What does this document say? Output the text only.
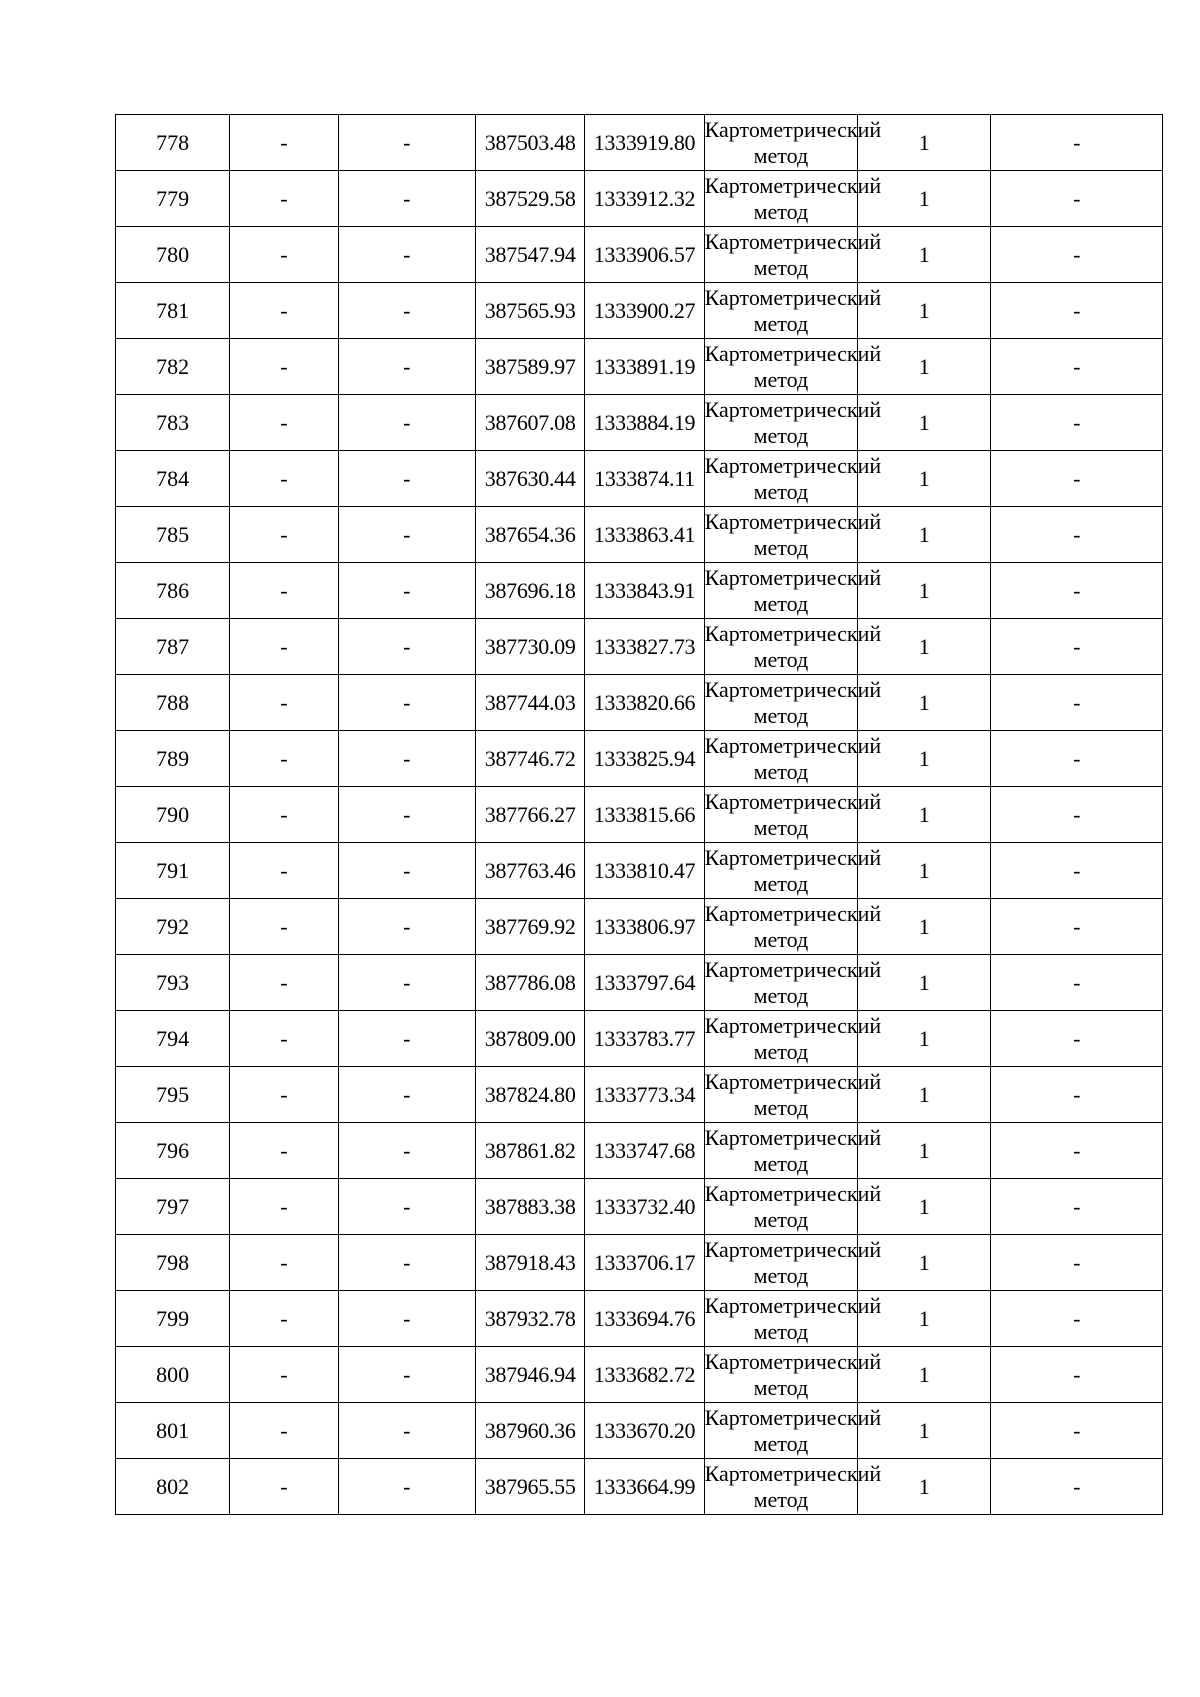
778	-	-	387503.48	1333919.80	Картометрический метод	1	-
779	-	-	387529.58	1333912.32	Картометрический метод	1	-
780	-	-	387547.94	1333906.57	Картометрический метод	1	-
781	-	-	387565.93	1333900.27	Картометрический метод	1	-
782	-	-	387589.97	1333891.19	Картометрический метод	1	-
783	-	-	387607.08	1333884.19	Картометрический метод	1	-
784	-	-	387630.44	1333874.11	Картометрический метод	1	-
785	-	-	387654.36	1333863.41	Картометрический метод	1	-
786	-	-	387696.18	1333843.91	Картометрический метод	1	-
787	-	-	387730.09	1333827.73	Картометрический метод	1	-
788	-	-	387744.03	1333820.66	Картометрический метод	1	-
789	-	-	387746.72	1333825.94	Картометрический метод	1	-
790	-	-	387766.27	1333815.66	Картометрический метод	1	-
791	-	-	387763.46	1333810.47	Картометрический метод	1	-
792	-	-	387769.92	1333806.97	Картометрический метод	1	-
793	-	-	387786.08	1333797.64	Картометрический метод	1	-
794	-	-	387809.00	1333783.77	Картометрический метод	1	-
795	-	-	387824.80	1333773.34	Картометрический метод	1	-
796	-	-	387861.82	1333747.68	Картометрический метод	1	-
797	-	-	387883.38	1333732.40	Картометрический метод	1	-
798	-	-	387918.43	1333706.17	Картометрический метод	1	-
799	-	-	387932.78	1333694.76	Картометрический метод	1	-
800	-	-	387946.94	1333682.72	Картометрический метод	1	-
801	-	-	387960.36	1333670.20	Картометрический метод	1	-
802	-	-	387965.55	1333664.99	Картометрический метод	1	-
